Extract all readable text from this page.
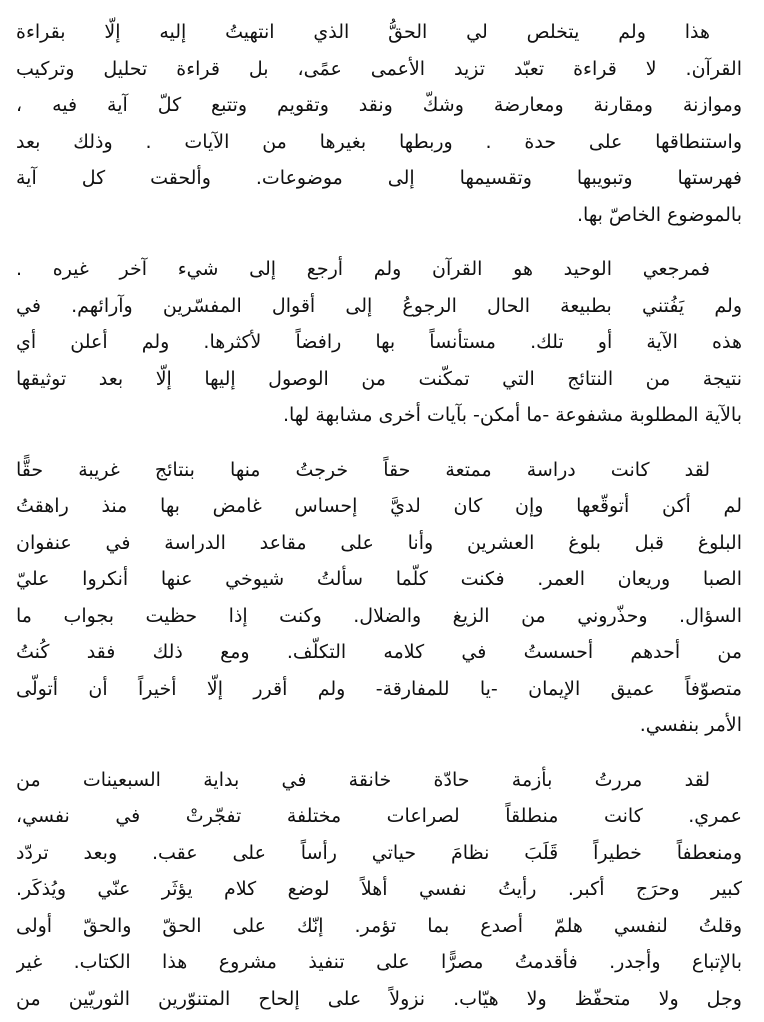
هذا ولم يتخلص لي الحقُّ الذي انتهيتُ إليه إلّا بقراءة
القرآن. لا قراءة تعبّد تزيد الأعمى عمًى، بل قراءة تحليل وتركيب
وموازنة ومقارنة ومعارضة وشكّ ونقد وتقويم وتتبع كلّ آية فيه ،
واستنطاقها على حدة . وربطها بغيرها من الآيات . وذلك بعد
فهرستها وتبويبها وتقسيمها إلى موضوعات. وألحقت كل آية
بالموضوع الخاصّ بها.
فمرجعي الوحيد هو القرآن ولم أرجع إلى شيء آخر غيره .
ولم يَفُتني بطبيعة الحال الرجوعُ إلى أقوال المفسّرين وآرائهم. في
هذه الآية أو تلك. مستأنساً بها رافضاً لأكثرها. ولم أعلن أي
نتيجة من النتائج التي تمكّنت من الوصول إليها إلّا بعد توثيقها
بالآية المطلوبة مشفوعة -ما أمكن- بآيات أخرى مشابهة لها.
لقد كانت دراسة ممتعة حقاً خرجتُ منها بنتائج غريبة حقًّا
لم أكن أتوقّعها وإن كان لديَّ إحساس غامض بها منذ راهقتُ
البلوغ قبل بلوغ العشرين وأنا على مقاعد الدراسة في عنفوان
الصبا وريعان العمر. فكنت كلّما سألتُ شيوخي عنها أنكروا عليّ
السؤال. وحذّروني من الزيغ والضلال. وكنت إذا حظيت بجواب ما
من أحدهم أحسستُ في كلامه التكلّف. ومع ذلك فقد كُنتُ
متصوّفاً عميق الإيمان -يا للمفارقة- ولم أقرر إلّا أخيراً أن أتولّى
الأمر بنفسي.
لقد مررتُ بأزمة حادّة خانقة في بداية السبعينات من
عمري. كانت منطلقاً لصراعات مختلفة تفجّرتْ في نفسي،
ومنعطفاً خطيراً قَلَبَ نظامَ حياتي رأساً على عقب. وبعد تردّد
كبير وحرَج أكبر. رأيتُ نفسي أهلاً لوضع كلام يؤثَر عنّي ويُذكَر.
وقلتُ لنفسي هلمّ أصدع بما تؤمر. إنّك على الحقّ والحقّ أولى
بالإتباع وأجدر. فأقدمتُ مصرًّا على تنفيذ مشروع هذا الكتاب. غير
وجل ولا متحفّظ ولا هيّاب. نزولاً على إلحاح المتنوّرين الثوريّين من
